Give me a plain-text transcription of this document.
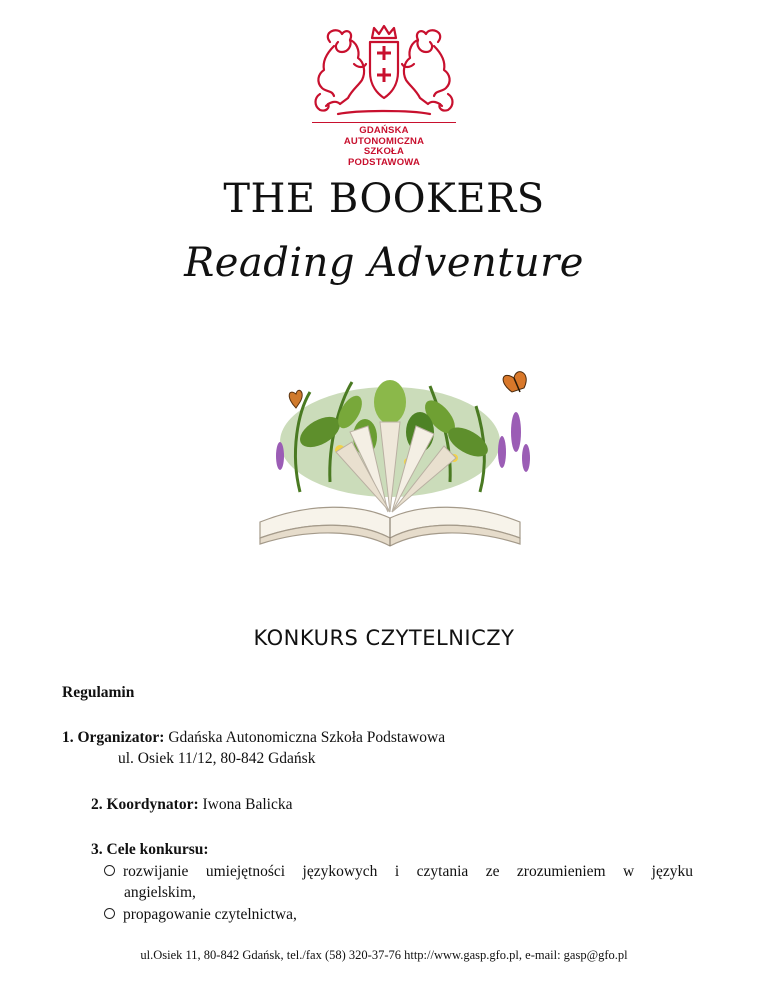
GDAŃSKA
AUTONOMICZNA
SZKOŁA
PODSTAWOWA
THE BOOKERS
Reading Adventure
KONKURS CZYTELNICZY
Regulamin
1. Organizator: Gdańska Autonomiczna Szkoła Podstawowa
ul. Osiek 11/12, 80-842 Gdańsk
2. Koordynator: Iwona Balicka
3. Cele konkursu:
rozwijanie umiejętności językowych i czytania ze zrozumieniem w języku
angielskim,
propagowanie czytelnictwa,
ul.Osiek 11, 80-842 Gdańsk, tel./fax (58) 320-37-76 http://www.gasp.gfo.pl, e-mail: gasp@gfo.pl
